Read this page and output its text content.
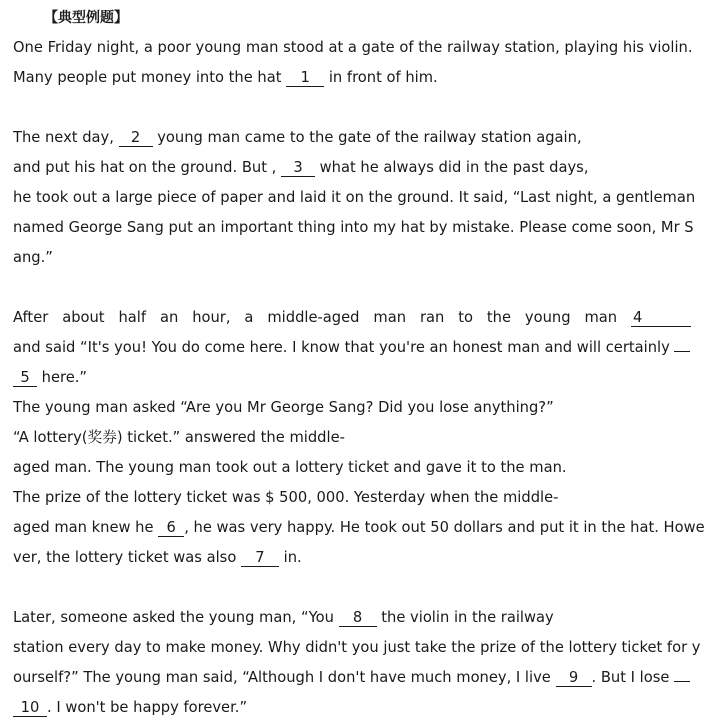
【典型例题】
One Friday night, a poor young man stood at a gate of the railway station, playing his violin.
Many people put money into the hat 1 in front of him.
The next day, 2 young man came to the gate of the railway station again,
and put his hat on the ground. But , 3 what he always did in the past days,
he took out a large piece of paper and laid it on the ground. It said, “Last night, a gentleman
named George Sang put an important thing into my hat by mistake. Please come soon, Mr S
ang.”
After about half an hour, a middle-aged man ran to the young man 4
and said “It's you! You do come here. I know that you're an honest man and will certainly
5 here.”
The young man asked “Are you Mr George Sang? Did you lose anything?”
“A lottery(奖券) ticket.” answered the middle-
aged man. The young man took out a lottery ticket and gave it to the man.
The prize of the lottery ticket was $ 500, 000. Yesterday when the middle-
aged man knew he 6 , he was very happy. He took out 50 dollars and put it in the hat. Howe
ver, the lottery ticket was also 7 in.
Later, someone asked the young man, “You 8 the violin in the railway
station every day to make money. Why didn't you just take the prize of the lottery ticket for y
ourself?” The young man said, “Although I don't have much money, I live 9 . But I lose
10 . I won't be happy forever.”
